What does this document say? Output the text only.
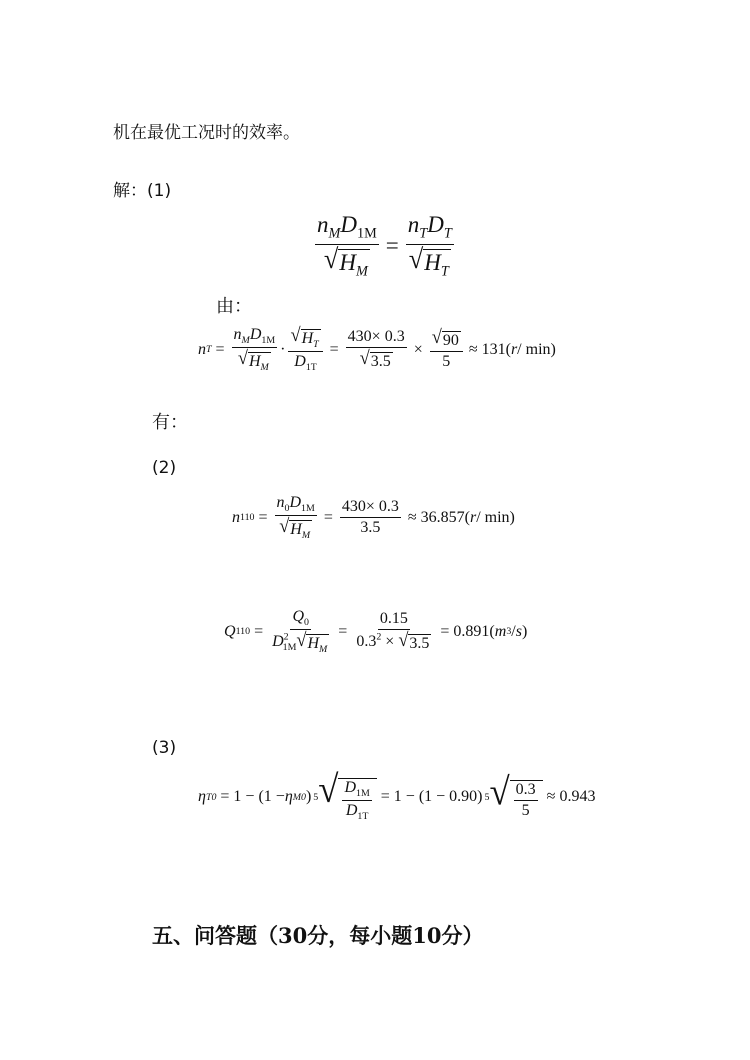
机在最优工况时的效率。
解：(1)
$\frac{n_MD_{1M}}{√ H_M} = \frac{n_TD_T}{√ H_T}$
由：
n $T = \frac{n_MD_{1M}}{√ H_M} \cdot \frac{√ H_T}{D_{1T}} = \frac{430\times 0.3}{√ 3.5} \times \frac{√ 90}{5} \approx 131$( r / min)
有：
(2)
n $110 = \frac{n_0D_{1M}}{√ H_M} = \frac{430\times 0.3}{3.5} \approx 36.857$( r / min)
Q $110 = \frac{Q_0}{D^2_{1M} √ H_M} = \frac{0.15}{0.3^2 \times √ 3.5} = 0.891$( m 3 / s )
(3)
η T0 = 1 − (1 − η M0 ) 5 √ $\frac{D_{1M}}{D_{1T}} = 1 - (1 - 0.90)$ 5 √ $\frac{0.3}{5} \approx 0.943$
五、问答题（30分，每小题10分）
